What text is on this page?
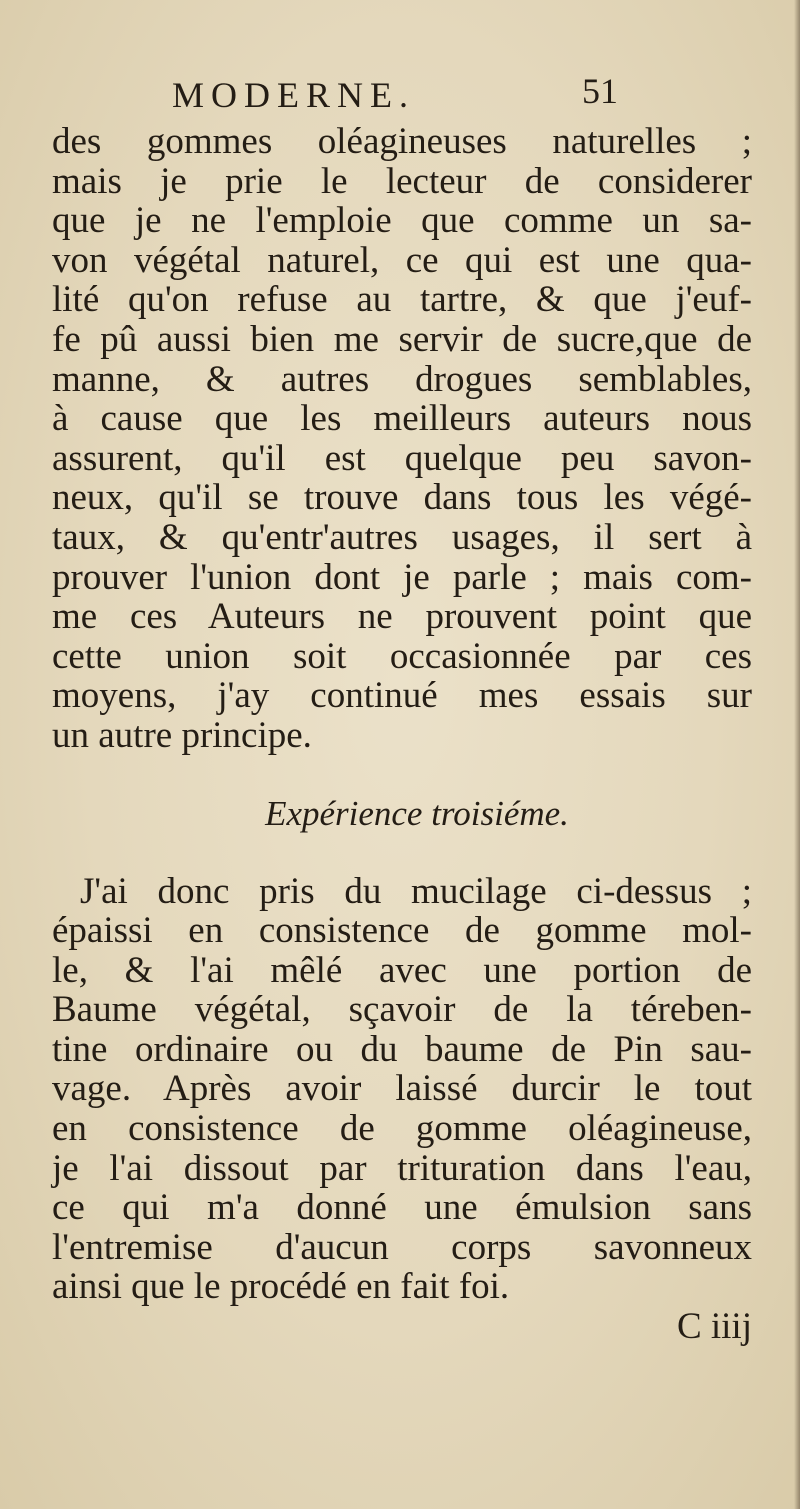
MODERNE.	51
des gommes oléagineuses naturelles ;
mais je prie le lecteur de considerer
que je ne l'emploie que comme un sa-
von végétal naturel, ce qui est une qua-
lité qu'on refuse au tartre, & que j'euf-
fe pû aussi bien me servir de sucre,que de
manne, & autres drogues semblables,
à cause que les meilleurs auteurs nous
assurent, qu'il est quelque peu savon-
neux, qu'il se trouve dans tous les végé-
taux, & qu'entr'autres usages, il sert à
prouver l'union dont je parle ; mais com-
me ces Auteurs ne prouvent point que
cette union soit occasionnée par ces
moyens, j'ay continué mes essais sur
un autre principe.
Expérience troisiéme.
J'ai donc pris du mucilage ci-dessus ;
épaissi en consistence de gomme mol-
le, & l'ai mêlé avec une portion de
Baume végétal, sçavoir de la téreben-
tine ordinaire ou du baume de Pin sau-
vage. Après avoir laissé durcir le tout
en consistence de gomme oléagineuse,
je l'ai dissout par trituration dans l'eau,
ce qui m'a donné une émulsion sans
l'entremise d'aucun corps savonneux
ainsi que le procédé en fait foi.
C iiij
